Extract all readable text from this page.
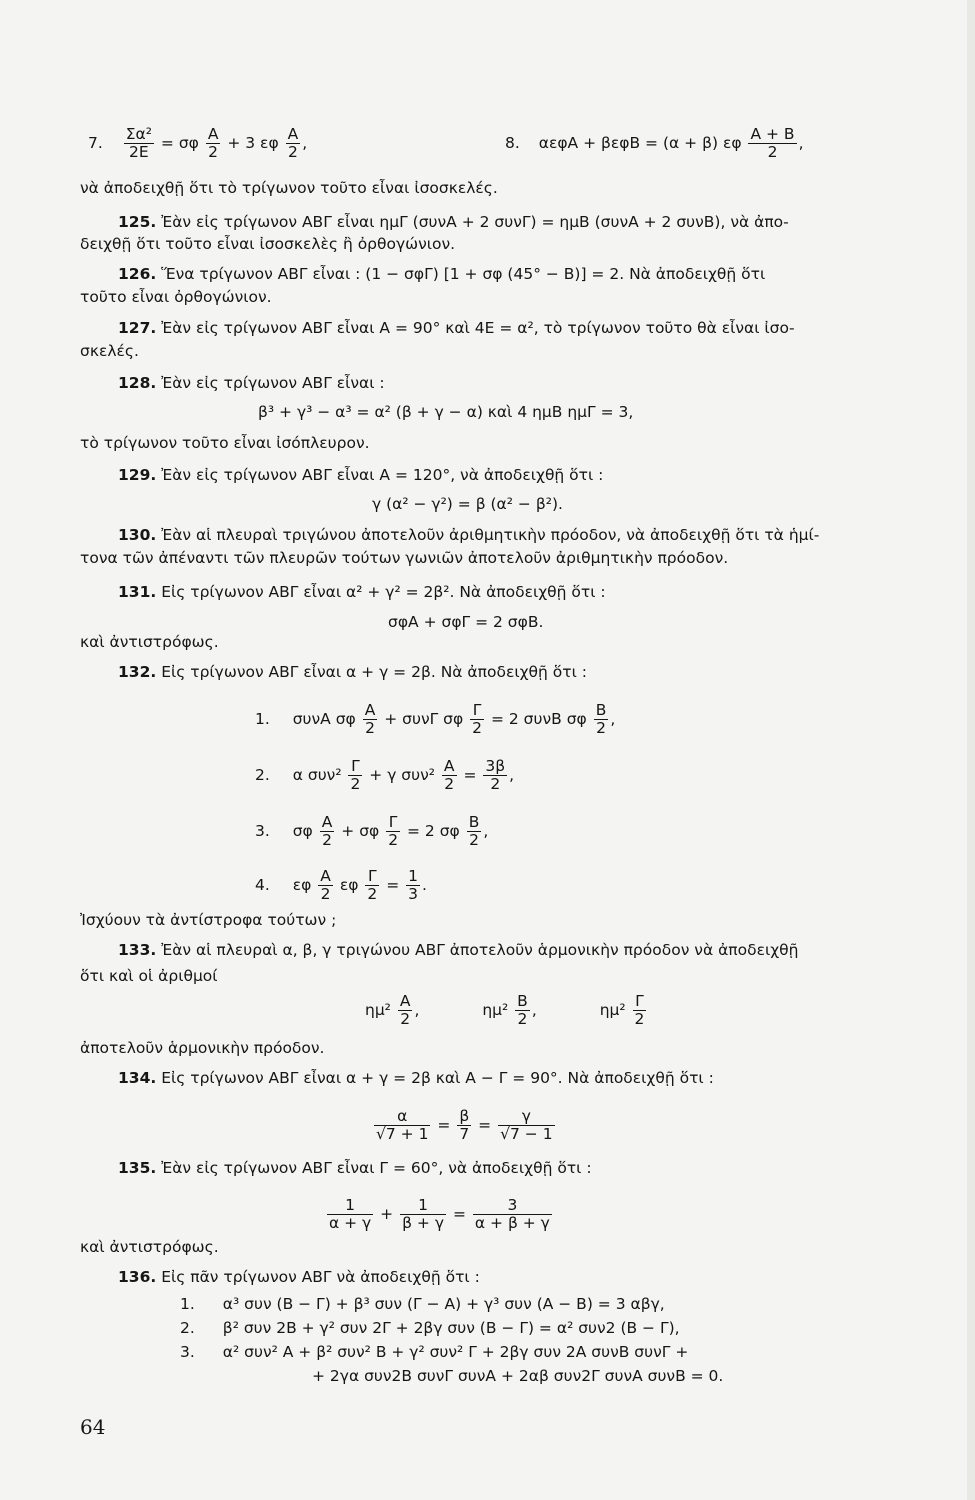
7. $\frac{\text{Σα²}}{2E} = \sigma\varphi \frac{A}{2} + 3$ εφ $\frac{A}{2}$ ,	8. αεφA + βεφB = (α + β) εφ $\frac{A + B}{2}$ ,
νὰ ἀποδειχθῇ ὅτι τὸ τρίγωνον τοῦτο εἶναι ἰσοσκελές.
125. Ἐὰν εἰς τρίγωνον ΑΒΓ εἶναι ημΓ (συνA + 2 συνΓ) = ημB (συνA + 2 συνB), νὰ ἀπο-
δειχθῇ ὅτι τοῦτο εἶναι ἰσοσκελὲς ἢ ὀρθογώνιον.
126. Ἕνα τρίγωνον ΑΒΓ εἶναι : (1 − σφΓ) [1 + σφ (45° − B)] = 2. Νὰ ἀποδειχθῇ ὅτι
τοῦτο εἶναι ὀρθογώνιον.
127. Ἐὰν εἰς τρίγωνον ΑΒΓ εἶναι A = 90° καὶ 4E = α², τὸ τρίγωνον τοῦτο θὰ εἶναι ἰσο-
σκελές.
128. Ἐὰν εἰς τρίγωνον ΑΒΓ εἶναι :
β³ + γ³ − α³ = α² (β + γ − α) καὶ 4 ημB ημΓ = 3,
τὸ τρίγωνον τοῦτο εἶναι ἰσόπλευρον.
129. Ἐὰν εἰς τρίγωνον ΑΒΓ εἶναι A = 120°, νὰ ἀποδειχθῇ ὅτι :
γ (α² − γ²) = β (α² − β²).
130. Ἐὰν αἱ πλευραὶ τριγώνου ἀποτελοῦν ἀριθμητικὴν πρόοδον, νὰ ἀποδειχθῇ ὅτι τὰ ἡμί-
τονα τῶν ἀπέναντι τῶν πλευρῶν τούτων γωνιῶν ἀποτελοῦν ἀριθμητικὴν πρόοδον.
131. Εἰς τρίγωνον ΑΒΓ εἶναι α² + γ² = 2β². Νὰ ἀποδειχθῇ ὅτι :
σφA + σφΓ = 2 σφB.
καὶ ἀντιστρόφως.
132. Εἰς τρίγωνον ΑΒΓ εἶναι α + γ = 2β. Νὰ ἀποδειχθῇ ὅτι :
1. συνA σφ $\frac{A}{2} + \sigma\upsilon\nu\Gamma$ σφ $\frac{\Gamma}{2} = 2$ συνB σφ $\frac{B}{2}$ ,
2. α $\sigma\upsilon\nu^2 \frac{\Gamma}{2} + \gamma$ $\sigma\upsilon\nu^2 \frac{A}{2} = \frac{3\beta}{2}$ ,
3. σφ $\frac{A}{2} + \sigma\varphi \frac{\Gamma}{2} = 2$ σφ $\frac{B}{2}$ ,
4. εφ $\frac{A}{2}$ εφ $\frac{\Gamma}{2} = \frac{1}{3}$ .
Ἰσχύουν τὰ ἀντίστροφα τούτων ;
133. Ἐὰν αἱ πλευραὶ α, β, γ τριγώνου ΑΒΓ ἀποτελοῦν ἁρμονικὴν πρόοδον νὰ ἀποδειχθῇ
ὅτι καὶ οἱ ἀριθμοί
$\eta\mu^2 \frac{A}{2}$ ,	$\eta\mu^2 \frac{B}{2}$ ,	$\eta\mu^2 \frac{\Gamma}{2}$
ἀποτελοῦν ἁρμονικὴν πρόοδον.
134. Εἰς τρίγωνον ΑΒΓ εἶναι α + γ = 2β καὶ A − Γ = 90°. Νὰ ἀποδειχθῇ ὅτι :
$\frac{\alpha}{√7 + 1} = \frac{\beta}{7} = \frac{\gamma}{√7 - 1}$
135. Ἐὰν εἰς τρίγωνον ΑΒΓ εἶναι Γ = 60°, νὰ ἀποδειχθῇ ὅτι :
$\frac{1}{\alpha + \gamma} + \frac{1}{\beta + \gamma} = \frac{3}{\alpha + \beta + \gamma}$
καὶ ἀντιστρόφως.
136. Εἰς πᾶν τρίγωνον ΑΒΓ νὰ ἀποδειχθῇ ὅτι :
1. α³ συν (B − Γ) + β³ συν (Γ − A) + γ³ συν (A − B) = 3 αβγ,
2. β² συν 2B + γ² συν 2Γ + 2βγ συν (B − Γ) = α² συν2 (B − Γ),
3. α² συν² A + β² συν² B + γ² συν² Γ + 2βγ συν 2A συνB συνΓ +
+ 2γα συν2B συνΓ συνA + 2αβ συν2Γ συνA συνB = 0.
64
